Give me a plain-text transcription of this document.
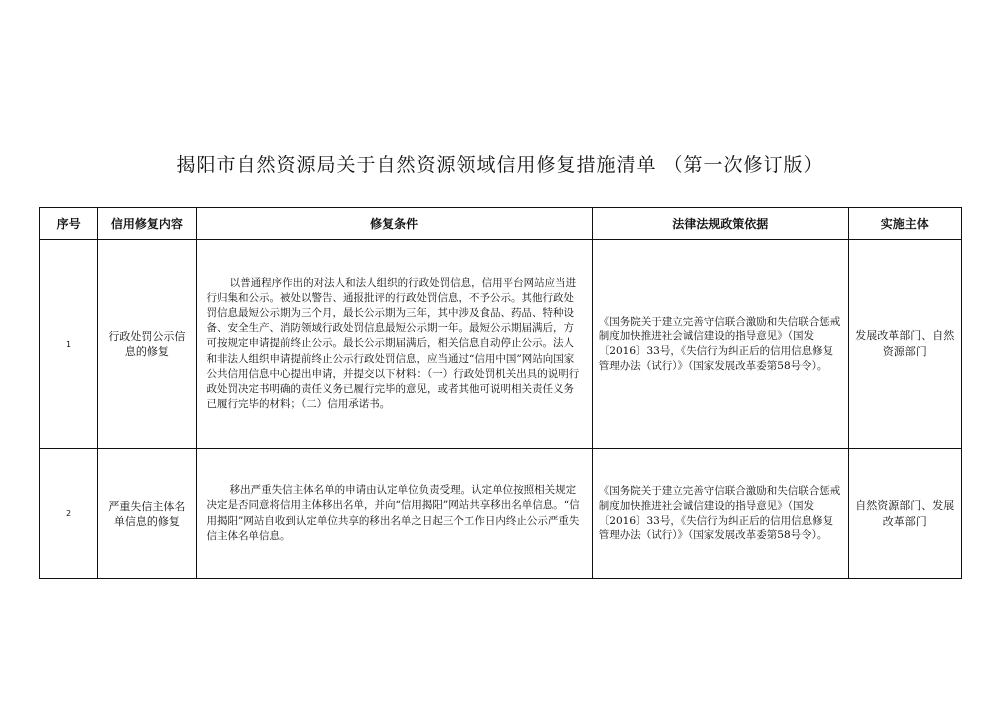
揭阳市自然资源局关于自然资源领域信用修复措施清单 （第一次修订版）
序号	信用修复内容	修复条件	法律法规政策依据	实施主体
1	行政处罚公示信息的修复	以普通程序作出的对法人和法人组织的行政处罚信息，信用平台网站应当进行归集和公示。被处以警告、通报批评的行政处罚信息，不予公示。其他行政处罚信息最短公示期为三个月，最长公示期为三年，其中涉及食品、药品、特种设备、安全生产、消防领域行政处罚信息最短公示期一年。最短公示期届满后，方可按规定申请提前终止公示。最长公示期届满后，相关信息自动停止公示。法人和非法人组织申请提前终止公示行政处罚信息，应当通过“信用中国”网站向国家公共信用信息中心提出申请，并提交以下材料：（一）行政处罚机关出具的说明行政处罚决定书明确的责任义务已履行完毕的意见，或者其他可说明相关责任义务已履行完毕的材料；（二）信用承诺书。	《国务院关于建立完善守信联合激励和失信联合惩戒制度加快推进社会诚信建设的指导意见》（国发〔2016〕33号，《失信行为纠正后的信用信息修复管理办法（试行）》（国家发展改革委第58号令）。	发展改革部门、自然资源部门
2	严重失信主体名单信息的修复	移出严重失信主体名单的申请由认定单位负责受理。认定单位按照相关规定决定是否同意将信用主体移出名单，并向“信用揭阳”网站共享移出名单信息。“信用揭阳”网站自收到认定单位共享的移出名单之日起三个工作日内终止公示严重失信主体名单信息。	《国务院关于建立完善守信联合激励和失信联合惩戒制度加快推进社会诚信建设的指导意见》（国发〔2016〕33号，《失信行为纠正后的信用信息修复管理办法（试行）》（国家发展改革委第58号令）。	自然资源部门、发展改革部门
